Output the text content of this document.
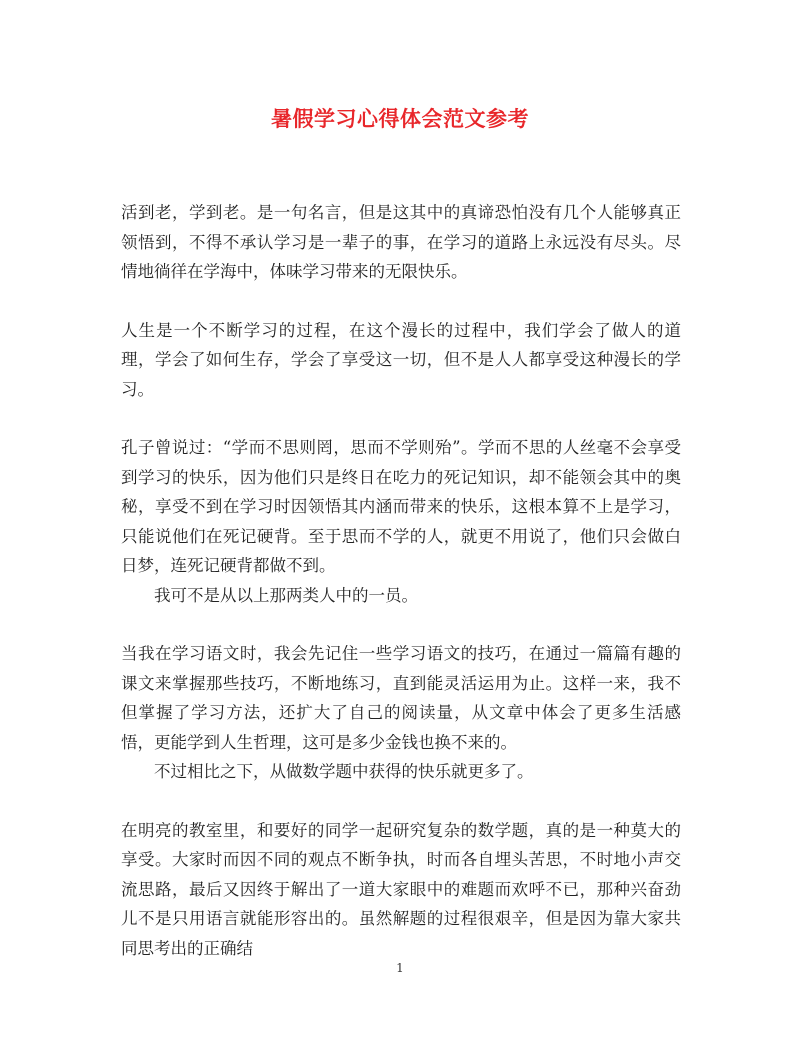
暑假学习心得体会范文参考

活到老，学到老。是一句名言，但是这其中的真谛恐怕没有几个人能够真正领悟到，不得不承认学习是一辈子的事，在学习的道路上永远没有尽头。尽情地徜徉在学海中，体味学习带来的无限快乐。

人生是一个不断学习的过程，在这个漫长的过程中，我们学会了做人的道理，学会了如何生存，学会了享受这一切，但不是人人都享受这种漫长的学习。

孔子曾说过：“学而不思则罔，思而不学则殆”。学而不思的人丝毫不会享受到学习的快乐，因为他们只是终日在吃力的死记知识，却不能领会其中的奥秘，享受不到在学习时因领悟其内涵而带来的快乐，这根本算不上是学习，只能说他们在死记硬背。至于思而不学的人，就更不用说了，他们只会做白日梦，连死记硬背都做不到。

我可不是从以上那两类人中的一员。

当我在学习语文时，我会先记住一些学习语文的技巧，在通过一篇篇有趣的课文来掌握那些技巧，不断地练习，直到能灵活运用为止。这样一来，我不但掌握了学习方法，还扩大了自己的阅读量，从文章中体会了更多生活感悟，更能学到人生哲理，这可是多少金钱也换不来的。

不过相比之下，从做数学题中获得的快乐就更多了。

在明亮的教室里，和要好的同学一起研究复杂的数学题，真的是一种莫大的享受。大家时而因不同的观点不断争执，时而各自埋头苦思，不时地小声交流思路，最后又因终于解出了一道大家眼中的难题而欢呼不已，那种兴奋劲儿不是只用语言就能形容出的。虽然解题的过程很艰辛，但是因为靠大家共同思考出的正确结

1
